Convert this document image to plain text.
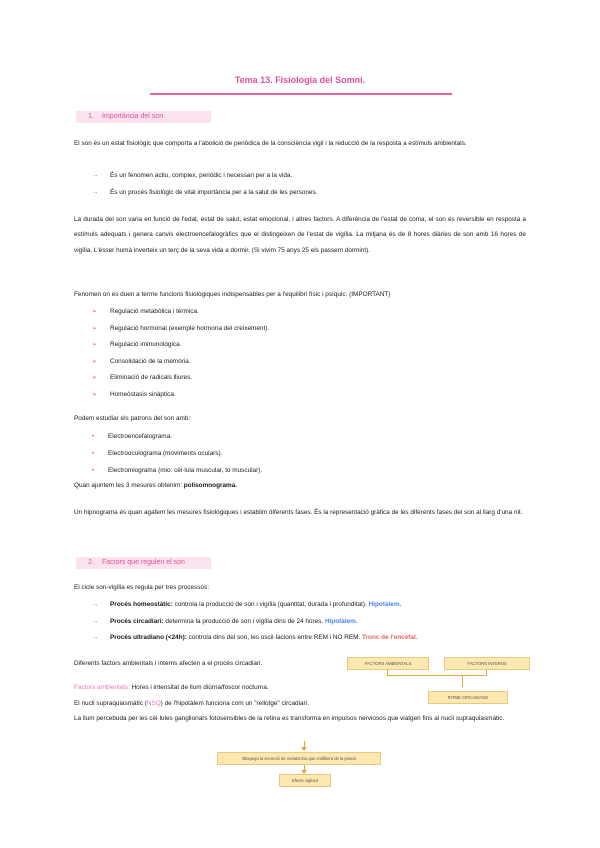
Tema 13. Fisiologia del Somni.
1. Importància del son
El son és un estat fisiològic que comporta a l'abolició de periòdica de la consciència vigil i la reducció de la resposta a estímuls ambientals.
→ És un fenomen actiu, complex, periòdic i necessari per a la vida.
→ És un procés fisiològic de vital importància per a la salut de les persones.
La durada del son varia en funció de l'edat, estat de salut, estat emocional, i altres factors. A diferència de l'estat de coma, el son és reversible en resposta a estímuls adequats i genera canvis electroencefalogràfics que el distingeixen de l'estat de vigília. La mitjana és de 8 hores diàries de son amb 16 hores de vigília. L'èsser humà inverteix un terç de la seva vida a dormir. (Si vivim 75 anys 25 els passem dormint).
Fenomen on es duen a terme funcions fisiològiques indispensables per a l'equilibri físic i psíquic: (IMPORTANT)
➢ Regulació metabòlica i tèrmica.
➢ Regulació hormonal (exemple hormona del creixement).
➢ Regulació immunològica.
➢ Consolidació de la memòria.
➢ Eliminació de radicals lliures.
➢ Homeòstasis sinàptica.
Podem estudiar els patrons del son amb:
• Electroencefalograma.
• Electrooculograma (moviments oculars).
• Electromiograma (mio: cèl·lula muscular, to muscular).
Quan ajuntem les 3 mesures obtenim: polisomnograma.
Un hipnograma és quan agafem les mesures fisiològiques i establim diferents fases. És la representació gràfica de les diferents fases del son al llarg d'una nit.
2. Factors que regulen el son
El cicle son-vigília es regula per tres processos:
→ Procés homeostàtic: controla la producció de son i vigília (quantitat, durada i profunditat). Hipotàlem.
→ Procés circadiari: determina la producció de son i vigília dins de 24 hores. Hipotàlem.
→ Procés ultradiano (<24h): controla dins del son, les oscil·lacions entre REM i NO REM. Tronc de l'encèfal.
Diferents factors ambientals i interns afecten a el procés circadiari.
Factors ambientals: Hores i intensitat de llum diürna/foscor nocturna.
El nucli supraquiasmàtic (NSQ) de l'hipotàlem funciona com un "rellotge" circadiari.
La llum percebuda per les cèl·lules ganglionars fotosensibles de la retina es transforma en impulsos nerviosos que viatgen fins al nucli supraquiasmàtic.
FACTORS AMBIENTALS	FACTORS INTERNS
RITME CIRCADIANO
Bloqueja la secreció de melatonina que s'allibera de la pineal
Efecte vigilant
